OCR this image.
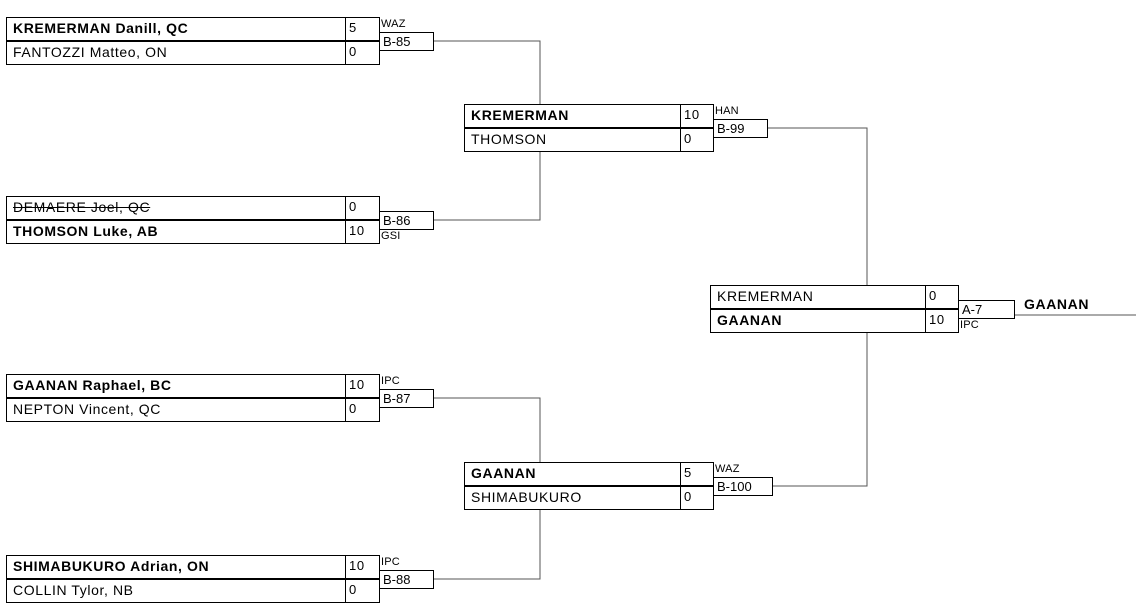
KREMERMAN Danill, QC	5
FANTOZZI Matteo, ON	0
B-85
WAZ
DEMAERE Joel, QC	0
THOMSON Luke, AB	10
B-86
GSI
GAANAN Raphael, BC	10
NEPTON Vincent, QC	0
B-87
IPC
SHIMABUKURO Adrian, ON	10
COLLIN Tylor, NB	0
B-88
IPC
KREMERMAN	10
THOMSON	0
B-99
HAN
GAANAN	5
SHIMABUKURO	0
B-100
WAZ
KREMERMAN	0
GAANAN	10
A-7
IPC
GAANAN
